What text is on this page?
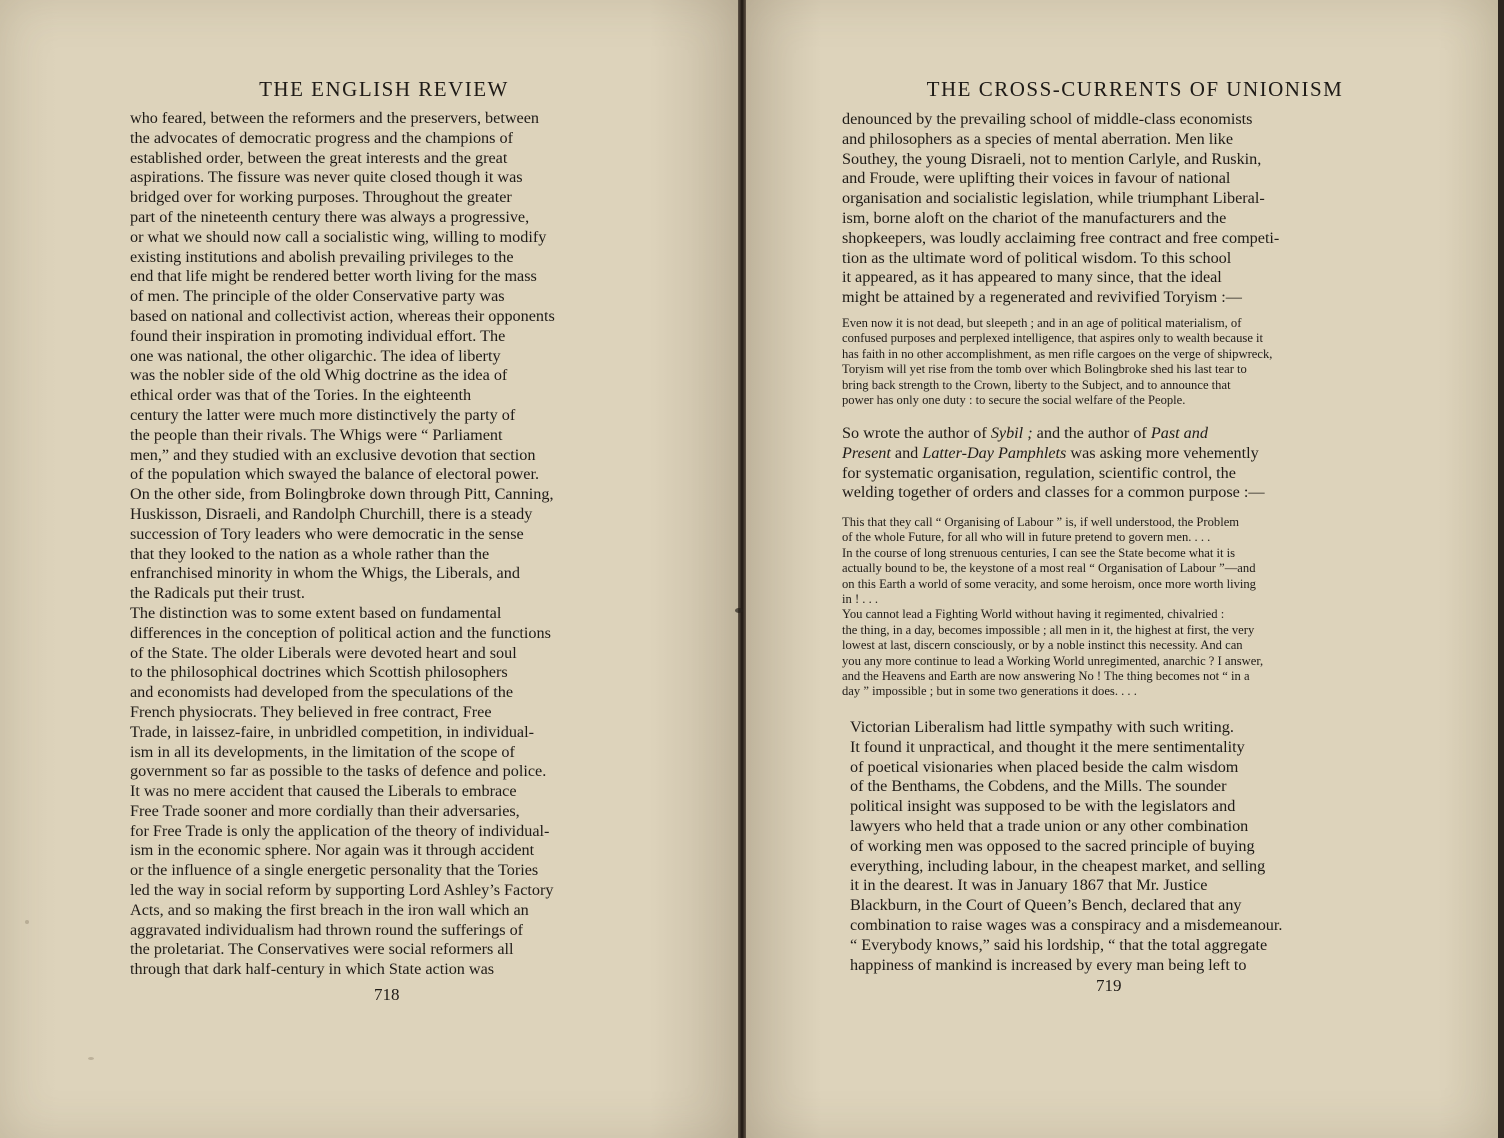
THE ENGLISH REVIEW
who feared, between the reformers and the preservers, between
the advocates of democratic progress and the champions of
established order, between the great interests and the great
aspirations. The fissure was never quite closed though it was
bridged over for working purposes. Throughout the greater
part of the nineteenth century there was always a progressive,
or what we should now call a socialistic wing, willing to modify
existing institutions and abolish prevailing privileges to the
end that life might be rendered better worth living for the mass
of men. The principle of the older Conservative party was
based on national and collectivist action, whereas their opponents
found their inspiration in promoting individual effort. The
one was national, the other oligarchic. The idea of liberty
was the nobler side of the old Whig doctrine as the idea of
ethical order was that of the Tories. In the eighteenth
century the latter were much more distinctively the party of
the people than their rivals. The Whigs were “ Parliament
men,” and they studied with an exclusive devotion that section
of the population which swayed the balance of electoral power.
On the other side, from Bolingbroke down through Pitt, Canning,
Huskisson, Disraeli, and Randolph Churchill, there is a steady
succession of Tory leaders who were democratic in the sense
that they looked to the nation as a whole rather than the
enfranchised minority in whom the Whigs, the Liberals, and
the Radicals put their trust.
The distinction was to some extent based on fundamental
differences in the conception of political action and the functions
of the State. The older Liberals were devoted heart and soul
to the philosophical doctrines which Scottish philosophers
and economists had developed from the speculations of the
French physiocrats. They believed in free contract, Free
Trade, in laissez-faire, in unbridled competition, in individual-
ism in all its developments, in the limitation of the scope of
government so far as possible to the tasks of defence and police.
It was no mere accident that caused the Liberals to embrace
Free Trade sooner and more cordially than their adversaries,
for Free Trade is only the application of the theory of individual-
ism in the economic sphere. Nor again was it through accident
or the influence of a single energetic personality that the Tories
led the way in social reform by supporting Lord Ashley’s Factory
Acts, and so making the first breach in the iron wall which an
aggravated individualism had thrown round the sufferings of
the proletariat. The Conservatives were social reformers all
through that dark half-century in which State action was
718
THE CROSS-CURRENTS OF UNIONISM
denounced by the prevailing school of middle-class economists
and philosophers as a species of mental aberration. Men like
Southey, the young Disraeli, not to mention Carlyle, and Ruskin,
and Froude, were uplifting their voices in favour of national
organisation and socialistic legislation, while triumphant Liberal-
ism, borne aloft on the chariot of the manufacturers and the
shopkeepers, was loudly acclaiming free contract and free competi-
tion as the ultimate word of political wisdom. To this school
it appeared, as it has appeared to many since, that the ideal
might be attained by a regenerated and revivified Toryism :—
Even now it is not dead, but sleepeth ; and in an age of political materialism, of
confused purposes and perplexed intelligence, that aspires only to wealth because it
has faith in no other accomplishment, as men rifle cargoes on the verge of shipwreck,
Toryism will yet rise from the tomb over which Bolingbroke shed his last tear to
bring back strength to the Crown, liberty to the Subject, and to announce that
power has only one duty : to secure the social welfare of the People.
So wrote the author of Sybil ; and the author of Past and
Present and Latter-Day Pamphlets was asking more vehemently
for systematic organisation, regulation, scientific control, the
welding together of orders and classes for a common purpose :—
This that they call “ Organising of Labour ” is, if well understood, the Problem
of the whole Future, for all who will in future pretend to govern men. . . .
In the course of long strenuous centuries, I can see the State become what it is
actually bound to be, the keystone of a most real “ Organisation of Labour ”—and
on this Earth a world of some veracity, and some heroism, once more worth living
in ! . . .
You cannot lead a Fighting World without having it regimented, chivalried :
the thing, in a day, becomes impossible ; all men in it, the highest at first, the very
lowest at last, discern consciously, or by a noble instinct this necessity. And can
you any more continue to lead a Working World unregimented, anarchic ? I answer,
and the Heavens and Earth are now answering No ! The thing becomes not “ in a
day ” impossible ; but in some two generations it does. . . .
Victorian Liberalism had little sympathy with such writing.
It found it unpractical, and thought it the mere sentimentality
of poetical visionaries when placed beside the calm wisdom
of the Benthams, the Cobdens, and the Mills. The sounder
political insight was supposed to be with the legislators and
lawyers who held that a trade union or any other combination
of working men was opposed to the sacred principle of buying
everything, including labour, in the cheapest market, and selling
it in the dearest. It was in January 1867 that Mr. Justice
Blackburn, in the Court of Queen’s Bench, declared that any
combination to raise wages was a conspiracy and a misdemeanour.
“ Everybody knows,” said his lordship, “ that the total aggregate
happiness of mankind is increased by every man being left to
719
